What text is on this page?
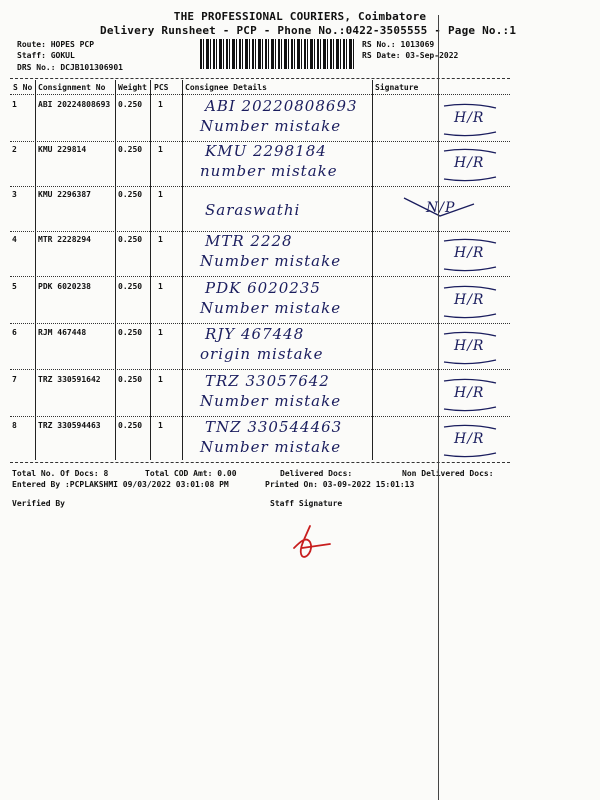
THE PROFESSIONAL COURIERS, Coimbatore
Delivery Runsheet - PCP - Phone No.:0422-3505555 - Page No.:1
Route: HOPES PCP
Staff: GOKUL
DRS No.: DCJB101306901
RS No.: 1013069
RS Date: 03-Sep-2022
S No Consignment No Weight PCS Consignee Details	Signature
1	ABI 20224808693 0.250 1	ABI 20220808693
Number mistake	H/R
2	KMU 229814	0.250 1	KMU 2298184
number mistake	H/R
3	KMU 2296387	0.250 1
Saraswathi	N/P
4	MTR 2228294	0.250 1	MTR 2228
Number mistake	H/R
5	PDK 6020238	0.250 1	PDK 6020235
Number mistake	H/R
6	RJM 467448	0.250 1	RJY 467448
origin mistake	H/R
7	TRZ 330591642 0.250 1	TRZ 33057642
Number mistake	H/R
8	TRZ 330594463 0.250 1	TNZ 330544463
Number mistake	H/R
Total No. Of Docs: 8	Total COD Amt: 0.00	Delivered Docs:	Non Delivered Docs:
Entered By :PCPLAKSHMI 09/03/2022 03:01:08 PM	Printed On: 03-09-2022 15:01:13
Verified By	Staff Signature
